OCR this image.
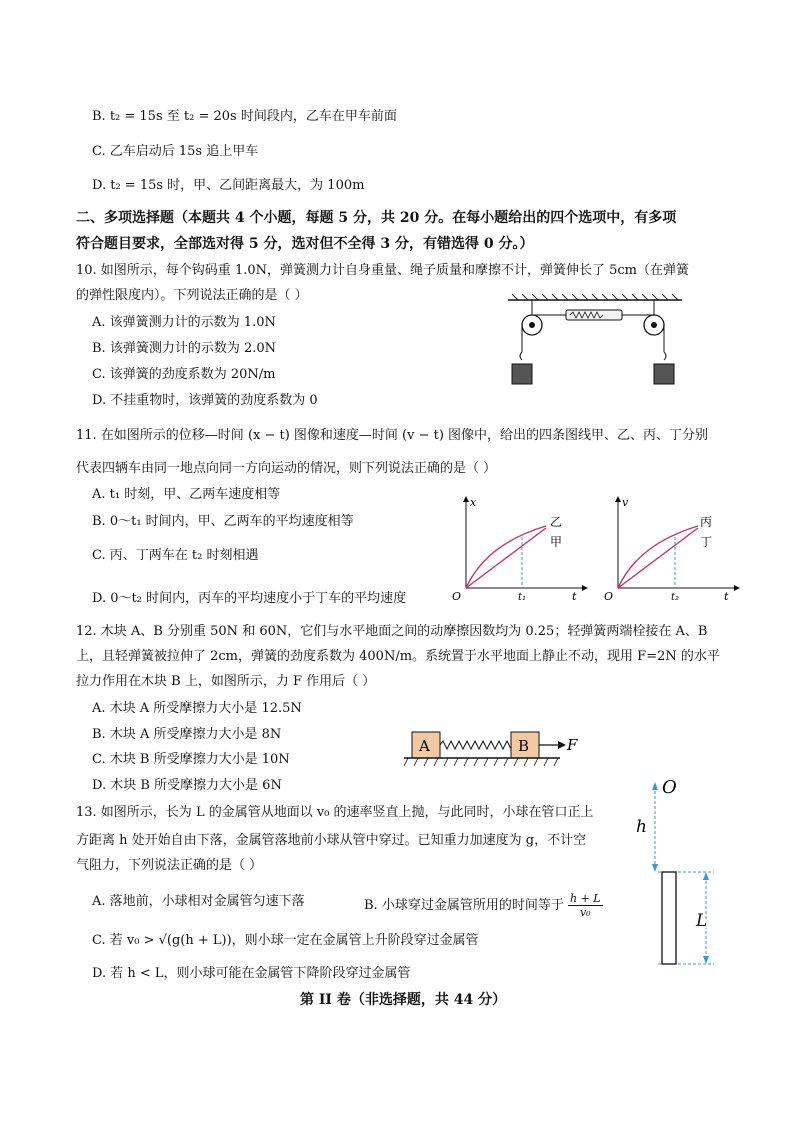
B. t₂ = 15s 至 t₂ = 20s 时间段内，乙车在甲车前面
C. 乙车启动后 15s 追上甲车
D. t₂ = 15s 时，甲、乙间距离最大，为 100m
二、多项选择题（本题共 4 个小题，每题 5 分，共 20 分。在每小题给出的四个选项中，有多项
符合题目要求，全部选对得 5 分，选对但不全得 3 分，有错选得 0 分。）
10. 如图所示，每个钩码重 1.0N，弹簧测力计自身重量、绳子质量和摩擦不计，弹簧伸长了 5cm（在弹簧
的弹性限度内）。下列说法正确的是（ ）
A. 该弹簧测力计的示数为 1.0N
B. 该弹簧测力计的示数为 2.0N
C. 该弹簧的劲度系数为 20N/m
D. 不挂重物时，该弹簧的劲度系数为 0
11. 在如图所示的位移—时间 (x − t) 图像和速度—时间 (v − t) 图像中，给出的四条图线甲、乙、丙、丁分别
代表四辆车由同一地点向同一方向运动的情况，则下列说法正确的是（ ）
A. t₁ 时刻，甲、乙两车速度相等
B. 0～t₁ 时间内，甲、乙两车的平均速度相等
C. 丙、丁两车在 t₂ 时刻相遇
D. 0～t₂ 时间内，丙车的平均速度小于丁车的平均速度
x
t
O	t₁
乙
甲
v
t
O	t₂
丙
丁
12. 木块 A、B 分别重 50N 和 60N，它们与水平地面之间的动摩擦因数均为 0.25；轻弹簧两端栓接在 A、B
上，且轻弹簧被拉伸了 2cm，弹簧的劲度系数为 400N/m。系统置于水平地面上静止不动，现用 F=2N 的水平
拉力作用在木块 B 上，如图所示，力 F 作用后（ ）
A. 木块 A 所受摩擦力大小是 12.5N
B. 木块 A 所受摩擦力大小是 8N
C. 木块 B 所受摩擦力大小是 10N
D. 木块 B 所受摩擦力大小是 6N
A	B	F
13. 如图所示，长为 L 的金属管从地面以 v₀ 的速率竖直上抛，与此同时，小球在管口正上
方距离 h 处开始自由下落，金属管落地前小球从管中穿过。已知重力加速度为 g，不计空
气阻力，下列说法正确的是（ ）
A. 落地前，小球相对金属管匀速下落	B. 小球穿过金属管所用的时间等于 $\frac{h + L}{\text{v₀}}$
C. 若 v₀ > √(g(h + L))，则小球一定在金属管上升阶段穿过金属管
D. 若 h < L，则小球可能在金属管下降阶段穿过金属管
O
h
L
第 II 卷（非选择题，共 44 分）
